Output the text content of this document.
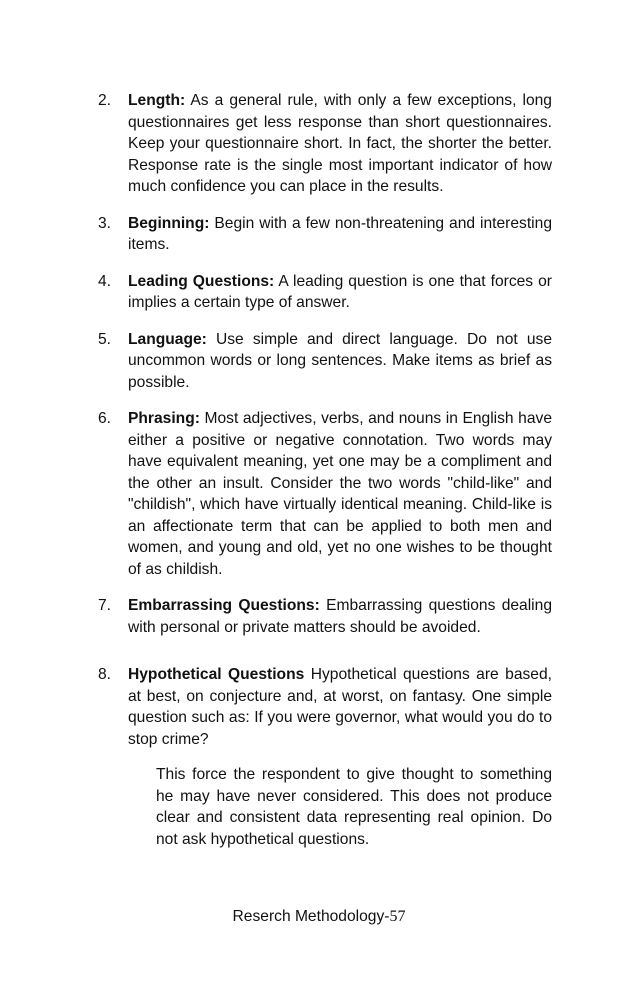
2. Length: As a general rule, with only a few exceptions, long questionnaires get less response than short questionnaires. Keep your questionnaire short. In fact, the shorter the better. Response rate is the single most important indicator of how much confidence you can place in the results.
3. Beginning: Begin with a few non-threatening and interesting items.
4. Leading Questions: A leading question is one that forces or implies a certain type of answer.
5. Language: Use simple and direct language. Do not use uncommon words or long sentences. Make items as brief as possible.
6. Phrasing: Most adjectives, verbs, and nouns in English have either a positive or negative connotation. Two words may have equivalent meaning, yet one may be a compliment and the other an insult. Consider the two words "child-like" and "childish", which have virtually identical meaning. Child-like is an affectionate term that can be applied to both men and women, and young and old, yet no one wishes to be thought of as childish.
7. Embarrassing Questions: Embarrassing questions dealing with personal or private matters should be avoided.
8. Hypothetical Questions Hypothetical questions are based, at best, on conjecture and, at worst, on fantasy. One simple question such as: If you were governor, what would you do to stop crime?
This force the respondent to give thought to something he may have never considered. This does not produce clear and consistent data representing real opinion. Do not ask hypothetical questions.
Reserch Methodology-57
